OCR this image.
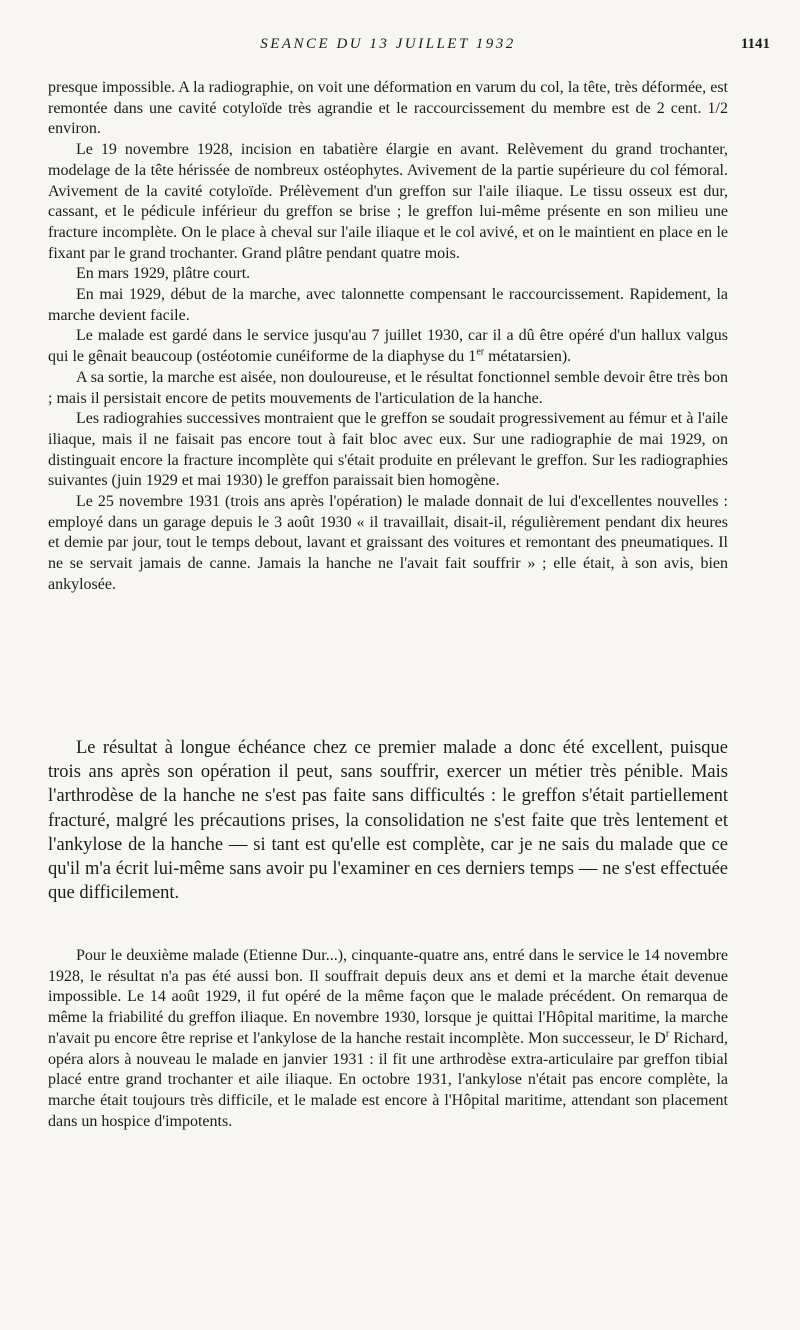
SEANCE DU 13 JUILLET 1932	1141

presque impossible. A la radiographie, on voit une déformation en varum du col, la tête, très déformée, est remontée dans une cavité cotyloïde très agrandie et le raccourcissement du membre est de 2 cent. 1/2 environ.

Le 19 novembre 1928, incision en tabatière élargie en avant. Relèvement du grand trochanter, modelage de la tête hérissée de nombreux ostéophytes. Avivement de la partie supérieure du col fémoral. Avivement de la cavité cotyloïde. Prélèvement d'un greffon sur l'aile iliaque. Le tissu osseux est dur, cassant, et le pédicule inférieur du greffon se brise ; le greffon lui-même présente en son milieu une fracture incomplète. On le place à cheval sur l'aile iliaque et le col avivé, et on le maintient en place en le fixant par le grand trochanter. Grand plâtre pendant quatre mois.

En mars 1929, plâtre court.

En mai 1929, début de la marche, avec talonnette compensant le raccourcissement. Rapidement, la marche devient facile.

Le malade est gardé dans le service jusqu'au 7 juillet 1930, car il a dû être opéré d'un hallux valgus qui le gênait beaucoup (ostéotomie cunéiforme de la diaphyse du 1er métatarsien).

A sa sortie, la marche est aisée, non douloureuse, et le résultat fonctionnel semble devoir être très bon ; mais il persistait encore de petits mouvements de l'articulation de la hanche.

Les radiograhies successives montraient que le greffon se soudait progressivement au fémur et à l'aile iliaque, mais il ne faisait pas encore tout à fait bloc avec eux. Sur une radiographie de mai 1929, on distinguait encore la fracture incomplète qui s'était produite en prélevant le greffon. Sur les radiographies suivantes (juin 1929 et mai 1930) le greffon paraissait bien homogène.

Le 25 novembre 1931 (trois ans après l'opération) le malade donnait de lui d'excellentes nouvelles : employé dans un garage depuis le 3 août 1930 « il travaillait, disait-il, régulièrement pendant dix heures et demie par jour, tout le temps debout, lavant et graissant des voitures et remontant des pneumatiques. Il ne se servait jamais de canne. Jamais la hanche ne l'avait fait souffrir » ; elle était, à son avis, bien ankylosée.

Le résultat à longue échéance chez ce premier malade a donc été excellent, puisque trois ans après son opération il peut, sans souffrir, exercer un métier très pénible. Mais l'arthrodèse de la hanche ne s'est pas faite sans difficultés : le greffon s'était partiellement fracturé, malgré les précautions prises, la consolidation ne s'est faite que très lentement et l'ankylose de la hanche — si tant est qu'elle est complète, car je ne sais du malade que ce qu'il m'a écrit lui-même sans avoir pu l'examiner en ces derniers temps — ne s'est effectuée que difficilement.

Pour le deuxième malade (Etienne Dur...), cinquante-quatre ans, entré dans le service le 14 novembre 1928, le résultat n'a pas été aussi bon. Il souffrait depuis deux ans et demi et la marche était devenue impossible. Le 14 août 1929, il fut opéré de la même façon que le malade précédent. On remarqua de même la friabilité du greffon iliaque. En novembre 1930, lorsque je quittai l'Hôpital maritime, la marche n'avait pu encore être reprise et l'ankylose de la hanche restait incomplète. Mon successeur, le $D^r$ Richard, opéra alors à nouveau le malade en janvier 1931 : il fit une arthrodèse extra-articulaire par greffon tibial placé entre grand trochanter et aile iliaque. En octobre 1931, l'ankylose n'était pas encore complète, la marche était toujours très difficile, et le malade est encore à l'Hôpital maritime, attendant son placement dans un hospice d'impotents.
